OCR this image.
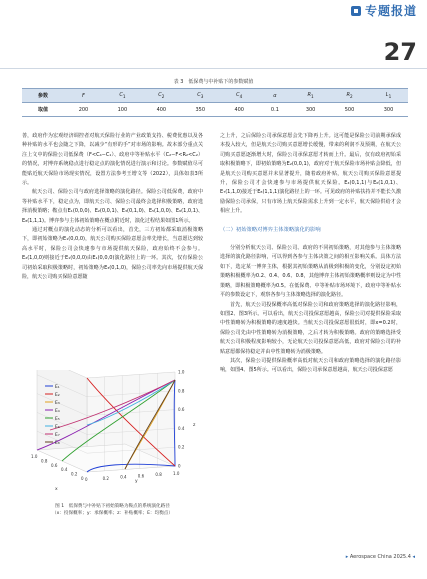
专题报道
27
表 3　低保费与中补贴下的参数赋值
参数	F	$C_1$	$C_2$	$C_3$	$C_4$	α	$R_1$	$R_2$	$L_1$
取值	200	100	400	350	400	0.1	300	500	300

善，政府作为宏观经济调控者对航天保险行业的产业政策支持、税费优惠以及各种补贴的水平也会随之下降，以减少“有形的手”对市场的影响。故本部分重点关注上文中的保险公司低保费（F<C₄−C₁）、政府中等补贴水平（C₂−F<R₂<C₂）的情况，对博弈系统稳点进行稳定点的演化情况进行演示和讨论。参数赋值尽可能贴近航天保险市场现实情况，设置方法参考王增文等（2022），具体如表3所示。

航天公司、保险公司与政府选择策略的演化路径。保险公司低保费，政府中等补贴水平下，稳定点为，即航天公司、保险公司最终会选择积极策略，政府选择消极策略；鞍点有E₁(0,0,0)、E₂(0,0,1)、E₃(0,1,0)、E₅(1,0,0)、E₆(1,0,1)、E₈(1,1,1)。博弈参与主体初始策略在概点附近时，演化过程结果如图1所示。

通过对概点的演化动态的分析可以看出，首先，三方初始都采取消极策略下，即初始策略为E₁(0,0,0)，航天公司购买保险意愿会率先增长，当意愿达到较高水平时，保险公司会快速参与市场提供航天保险，政府始终不会参与。E₂(1,0,0)则接近于E₁(0,0,0)由E₁(0,0,0)演化路径上的一环。其次，仅有保险公司初始采取积极策略时，初始策略为E₃(0,1,0)，保险公司率先向市场提供航天保险，航天公司购买保险意愿随

E₁
E₂
E₃
E₄
E₅
E₆
E₇
E₈
1.0
0.8
0.6
0.4
0.2
0 0	0.2	0.4	0.6	0.8	1.0
0
0.2
0.4
0.6
0.8
1.0
x
y
z
图 1　低保费与中补贴下初始策略为鞍点的系统演化路径
（x：投保概率；y：承保概率；z：补贴概率；E：均衡点）

之上升，之后保险公司承保意愿会先下降再上升。这可能是保险公司前期承保成本投入较大，但是航天公司购买意愿增长缓慢，带来的利润不及预期，在航天公司购买意愿逐渐增大时，保险公司承保意愿才转而上升。最后，仅有政府初始采取积极策略下，即初始策略为E₂(0,0,1)，政府对于航天保险市场补贴会降低，但是航天公司购买意愿并未显著提升，随着政府补贴，航天公司购买保险意愿提升，保险公司才会快速参与市场提供航天保险。E₄(0,1,1)与E₆(1,0,1)、E₇(1,1,0)接近于E₈(1,1,1)演化路径上的一环。可见政府的补贴扶持并不能长久激励保险公司承保，只有市场上航天保险需求上升到一定水平，航天保险供给才会相应上升。

（二）初始策略对博弈主体策略演化的影响

分别分析航天公司、保险公司、政府的不同初始策略，对其他参与主体策略选择的演化路径影响，可以得到各参与主体决策之间的相互影响关系。具体方法如下，选定某一博弈主体，根据其初始策略从消极到积极的变化，分别设定初始策略积极概率为0.2、0.4、0.6、0.8，其他博弈主体初始策略概率则设定为中性策略，即积极策略概率为0.5。在低保费、中等补贴市场环境下，政府中等补贴水平的参数设定下，观察各参与主体策略选择的演化路径。

首先，航天公司投保概率高低对保险公司和政府策略选择的演化路径影响，如图2、图3所示。可以看出，航天公司投保意愿越高，保险公司对提供保险采取中性策略转为积极策略的速度越快。当航天公司投保意愿很低时，即x=0.2时，保险公司先由中性策略转为消极策略，之后才转为积极策略。政府的策略选择受航天公司积极程度影响较小，无论航天公司投保意愿高低，政府对保险公司的补贴意愿都保持稳定并由中性策略转为消极策略。

其次，保险公司提供保险概率高低对航天公司和政府策略选择的演化路径影响，如图4、图5所示。可以看出，保险公司承保意愿越高，航天公司投保意愿

▸ Aerospace China 2025.4 ◂
